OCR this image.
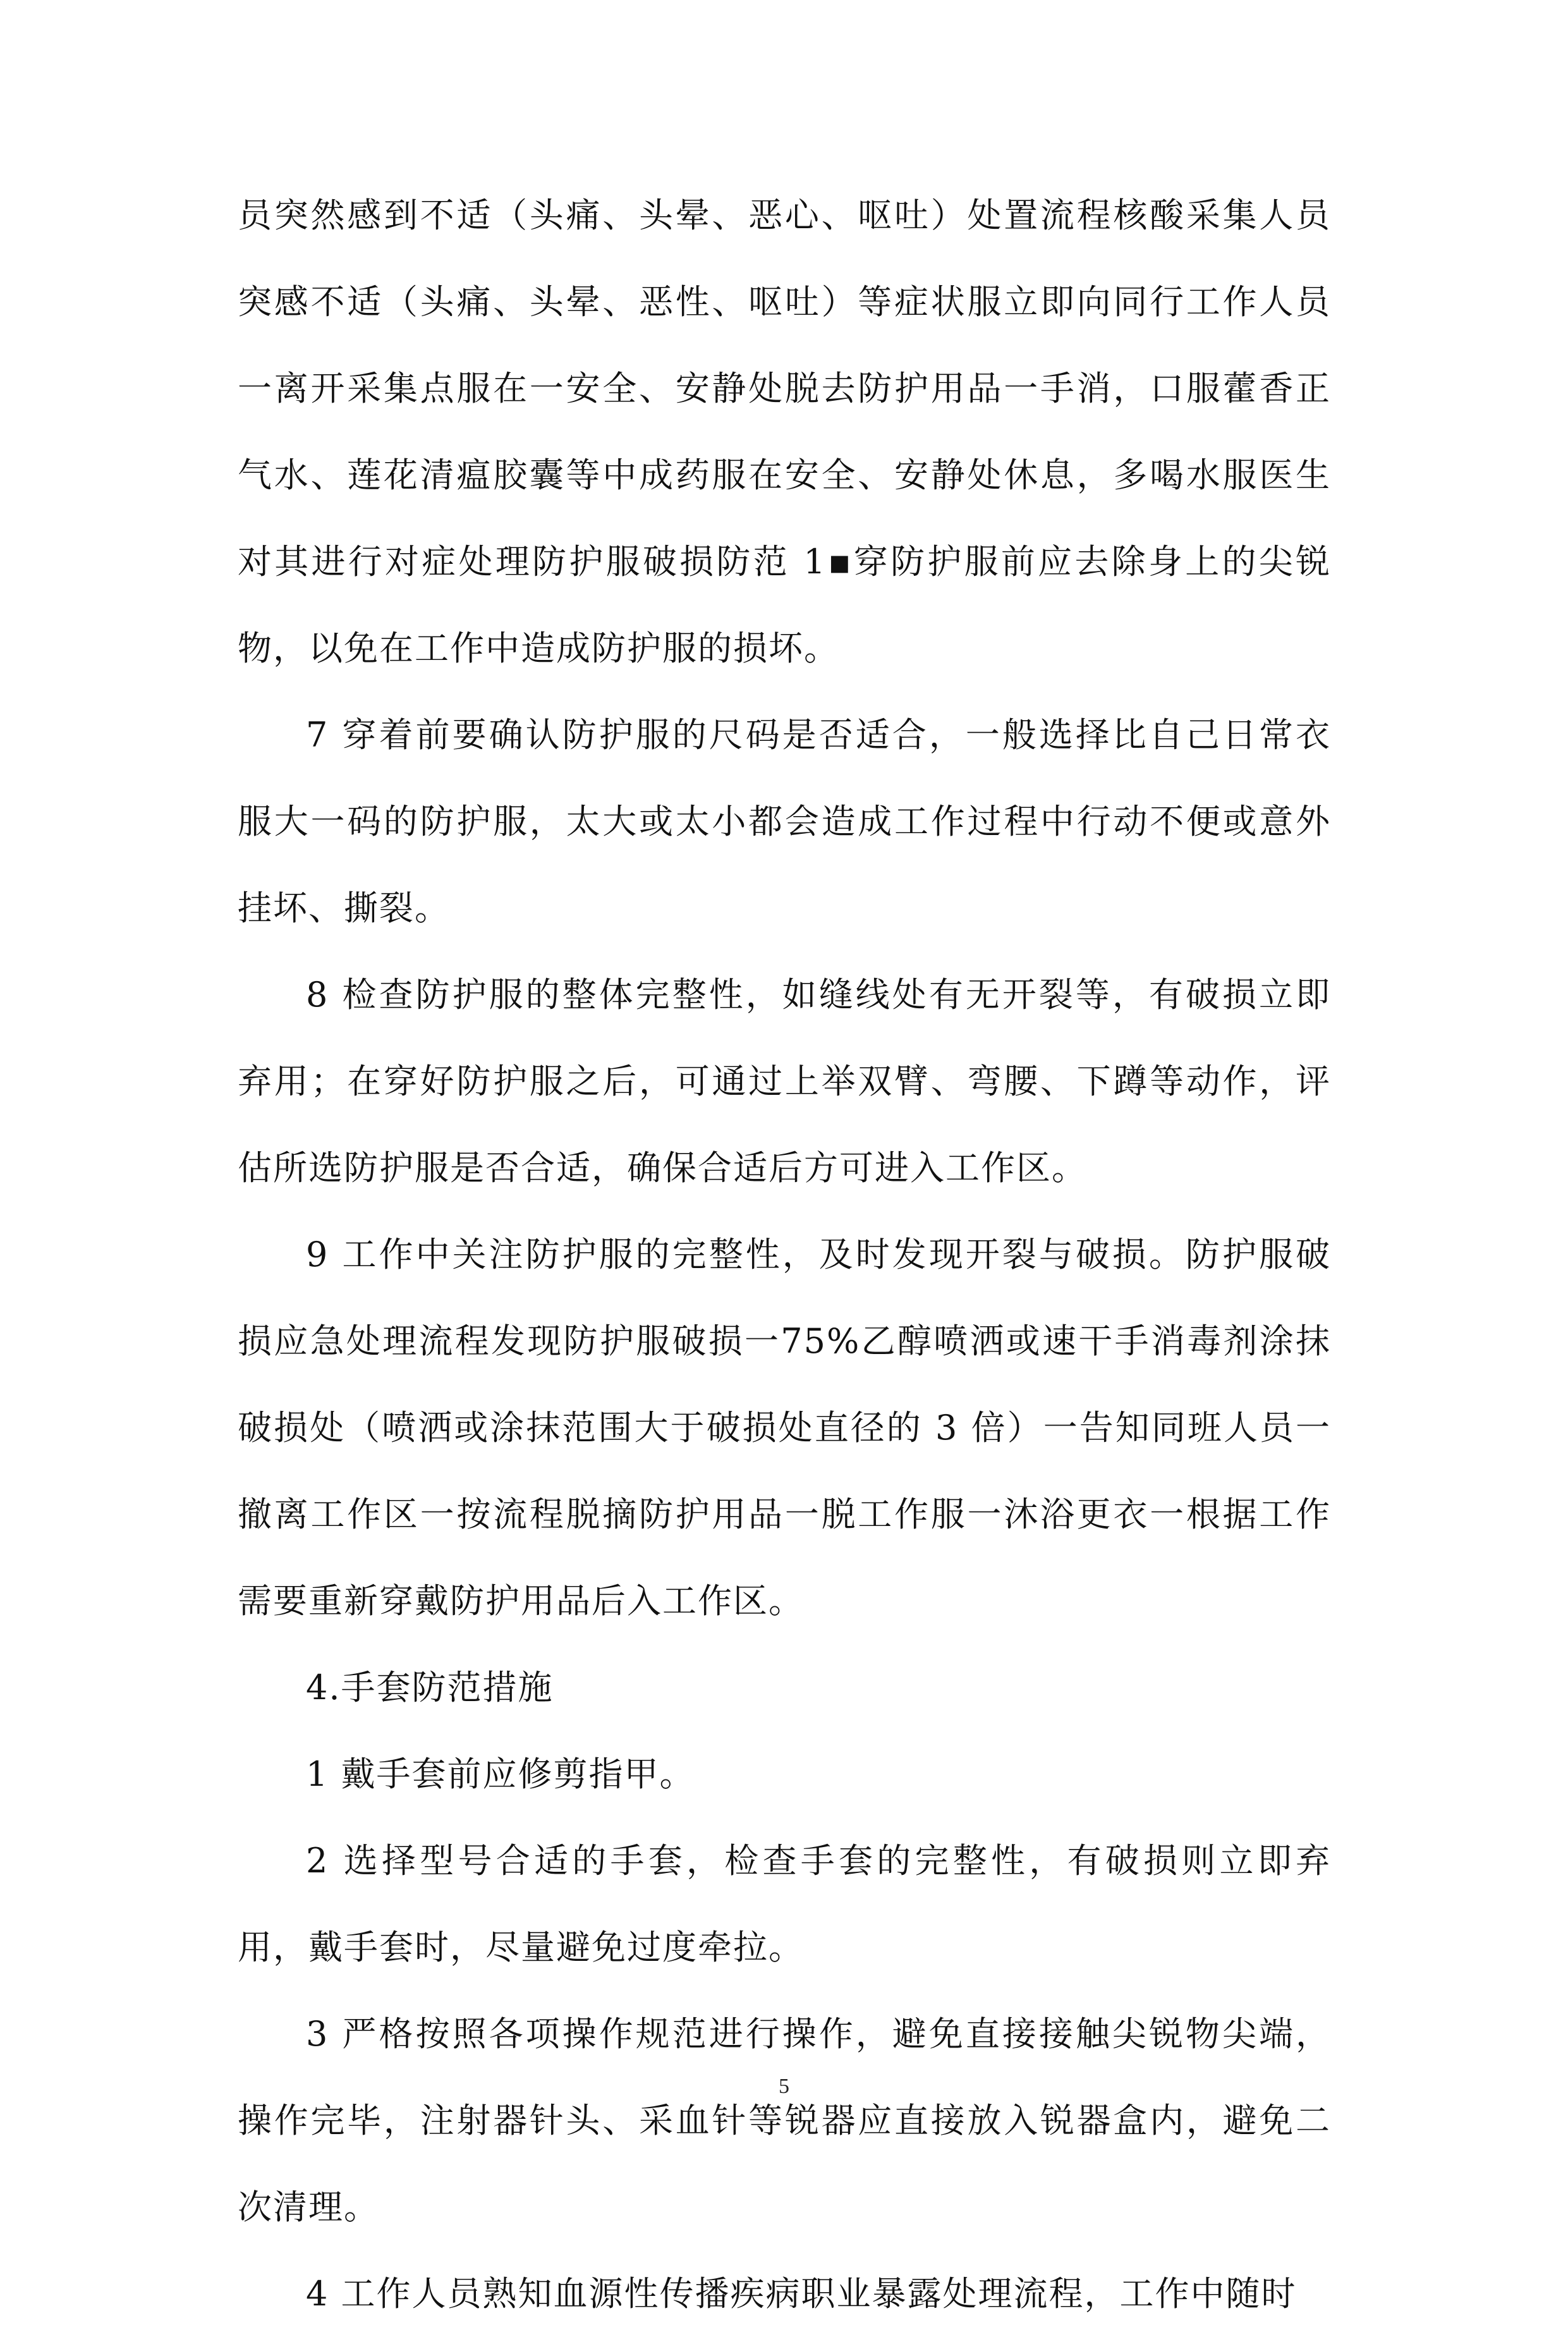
员突然感到不适（头痛、头晕、恶心、呕吐）处置流程核酸采集人员突感不适（头痛、头晕、恶性、呕吐）等症状服立即向同行工作人员一离开采集点服在一安全、安静处脱去防护用品一手消，口服藿香正气水、莲花清瘟胶囊等中成药服在安全、安静处休息，多喝水服医生对其进行对症处理防护服破损防范 1▪穿防护服前应去除身上的尖锐物，以免在工作中造成防护服的损坏。

7 穿着前要确认防护服的尺码是否适合，一般选择比自己日常衣服大一码的防护服，太大或太小都会造成工作过程中行动不便或意外挂坏、撕裂。

8 检查防护服的整体完整性，如缝线处有无开裂等，有破损立即弃用；在穿好防护服之后，可通过上举双臂、弯腰、下蹲等动作，评估所选防护服是否合适，确保合适后方可进入工作区。

9 工作中关注防护服的完整性，及时发现开裂与破损。防护服破损应急处理流程发现防护服破损一75%乙醇喷洒或速干手消毒剂涂抹破损处（喷洒或涂抹范围大于破损处直径的 3 倍）一告知同班人员一撤离工作区一按流程脱摘防护用品一脱工作服一沐浴更衣一根据工作需要重新穿戴防护用品后入工作区。

4.手套防范措施

1 戴手套前应修剪指甲。

2 选择型号合适的手套，检查手套的完整性，有破损则立即弃用，戴手套时，尽量避免过度牵拉。

3 严格按照各项操作规范进行操作，避免直接接触尖锐物尖端，操作完毕，注射器针头、采血针等锐器应直接放入锐器盒内，避免二次清理。

4 工作人员熟知血源性传播疾病职业暴露处理流程，工作中随时

5
